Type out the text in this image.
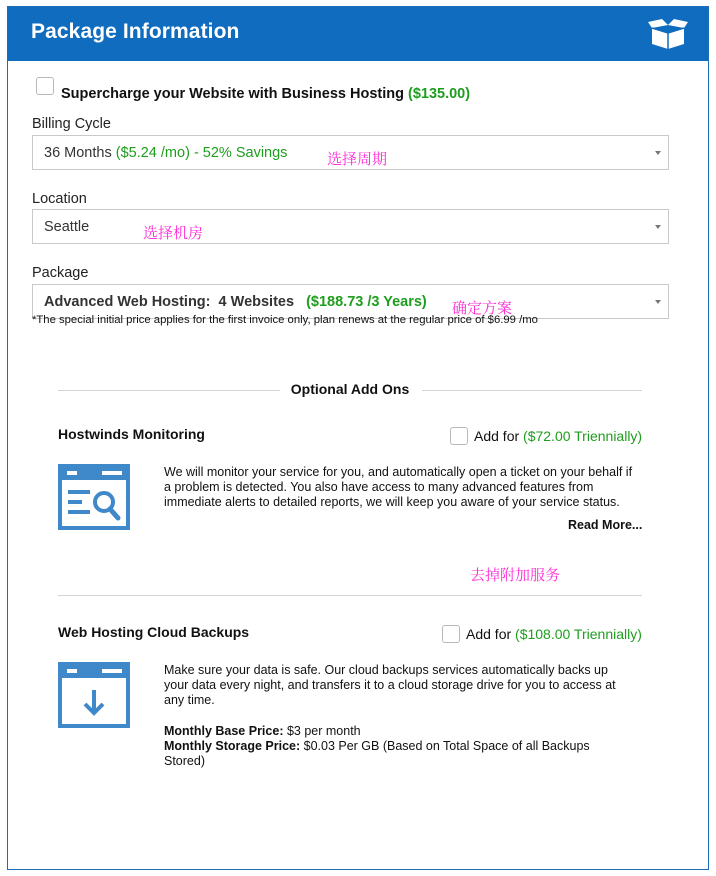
Package Information
Supercharge your Website with Business Hosting ($135.00)
Billing Cycle
36 Months ($5.24 /mo) - 52% Savings	选择周期
Location
Seattle	选择机房
Package
Advanced Web Hosting:  4 Websites ($188.73 /3 Years) 确定方案
*The special initial price applies for the first invoice only, plan renews at the regular price of $6.99 /mo
Optional Add Ons
Hostwinds Monitoring	Add for ($72.00 Triennially)
We will monitor your service for you, and automatically open a ticket on your behalf if a problem is detected. You also have access to many advanced features from immediate alerts to detailed reports, we will keep you aware of your service status.
Read More...
去掉附加服务
Web Hosting Cloud Backups	Add for ($108.00 Triennially)
Make sure your data is safe. Our cloud backups services automatically backs up your data every night, and transfers it to a cloud storage drive for you to access at any time.
Monthly Base Price: $3 per month
Monthly Storage Price: $0.03 Per GB (Based on Total Space of all Backups Stored)
